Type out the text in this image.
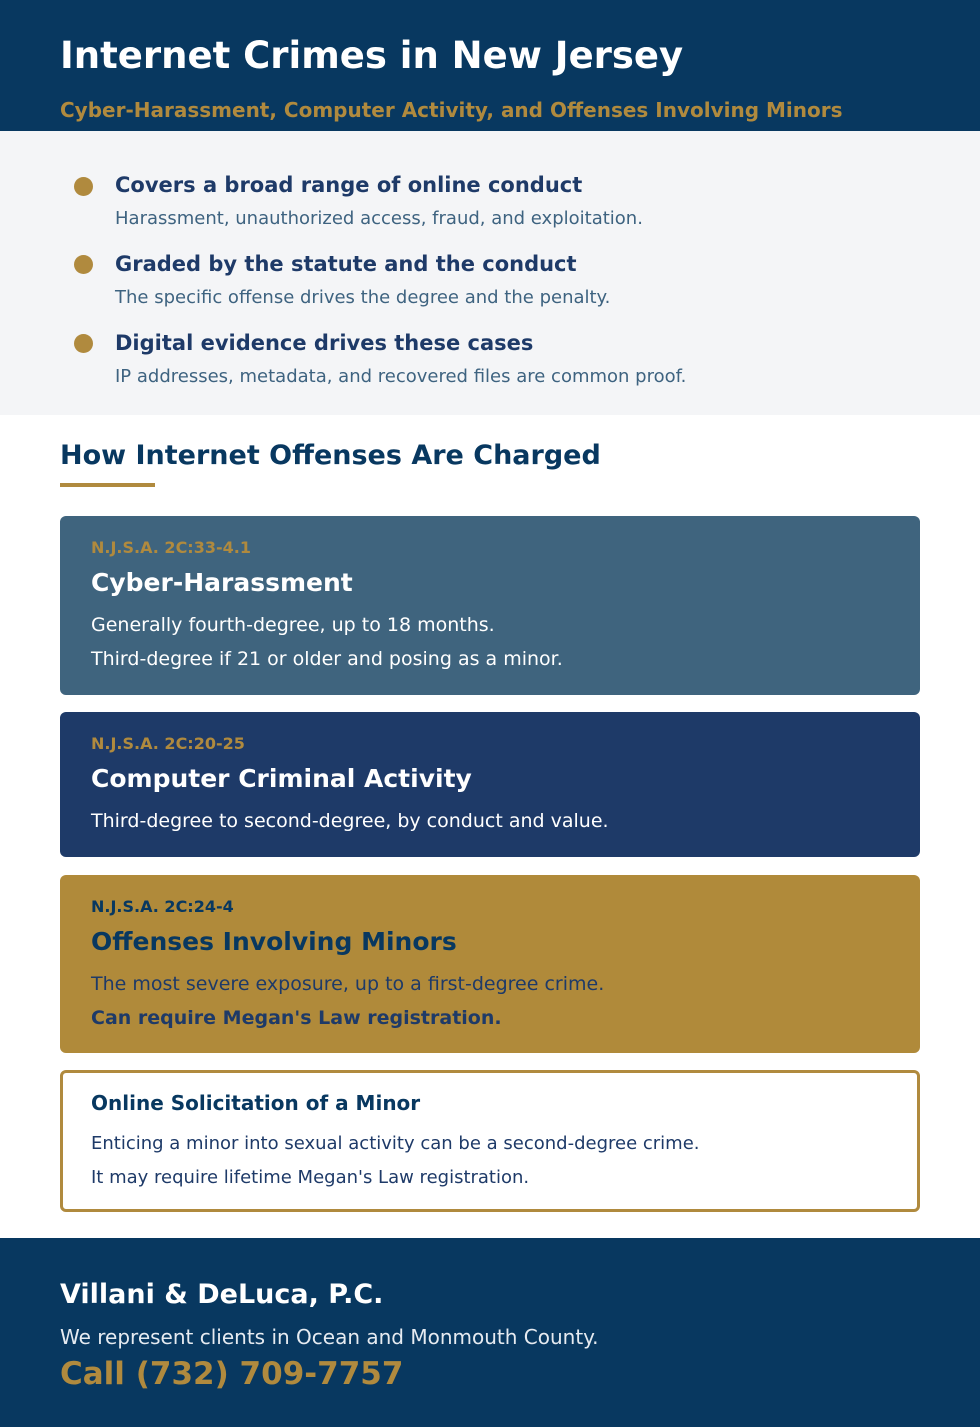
Internet Crimes in New Jersey
Cyber-Harassment, Computer Activity, and Offenses Involving Minors
Covers a broad range of online conduct
Harassment, unauthorized access, fraud, and exploitation.
Graded by the statute and the conduct
The specific offense drives the degree and the penalty.
Digital evidence drives these cases
IP addresses, metadata, and recovered files are common proof.
How Internet Offenses Are Charged
N.J.S.A. 2C:33-4.1
Cyber-Harassment
Generally fourth-degree, up to 18 months.
Third-degree if 21 or older and posing as a minor.
N.J.S.A. 2C:20-25
Computer Criminal Activity
Third-degree to second-degree, by conduct and value.
N.J.S.A. 2C:24-4
Offenses Involving Minors
The most severe exposure, up to a first-degree crime.
Can require Megan's Law registration.
Online Solicitation of a Minor
Enticing a minor into sexual activity can be a second-degree crime.
It may require lifetime Megan's Law registration.
Villani & DeLuca, P.C.
We represent clients in Ocean and Monmouth County.
Call (732) 709-7757
